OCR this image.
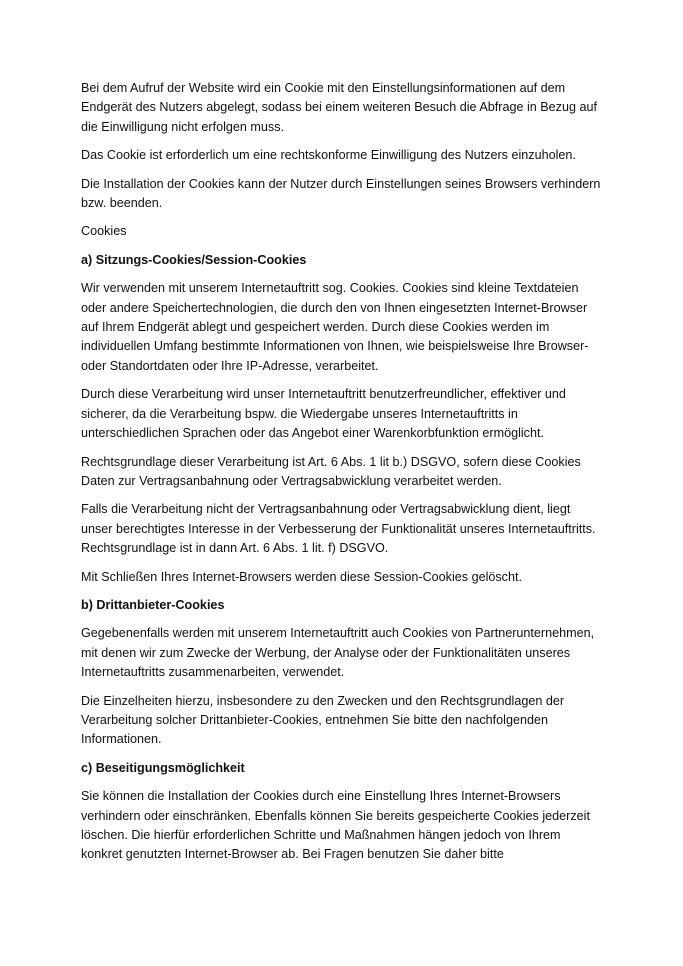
Bei dem Aufruf der Website wird ein Cookie mit den Einstellungsinformationen auf dem Endgerät des Nutzers abgelegt, sodass bei einem weiteren Besuch die Abfrage in Bezug auf die Einwilligung nicht erfolgen muss.

Das Cookie ist erforderlich um eine rechtskonforme Einwilligung des Nutzers einzuholen.

Die Installation der Cookies kann der Nutzer durch Einstellungen seines Browsers verhindern bzw. beenden.

Cookies

a) Sitzungs-Cookies/Session-Cookies

Wir verwenden mit unserem Internetauftritt sog. Cookies. Cookies sind kleine Textdateien oder andere Speichertechnologien, die durch den von Ihnen eingesetzten Internet-Browser auf Ihrem Endgerät ablegt und gespeichert werden. Durch diese Cookies werden im individuellen Umfang bestimmte Informationen von Ihnen, wie beispielsweise Ihre Browser- oder Standortdaten oder Ihre IP-Adresse, verarbeitet.

Durch diese Verarbeitung wird unser Internetauftritt benutzerfreundlicher, effektiver und sicherer, da die Verarbeitung bspw. die Wiedergabe unseres Internetauftritts in unterschiedlichen Sprachen oder das Angebot einer Warenkorbfunktion ermöglicht.

Rechtsgrundlage dieser Verarbeitung ist Art. 6 Abs. 1 lit b.) DSGVO, sofern diese Cookies Daten zur Vertragsanbahnung oder Vertragsabwicklung verarbeitet werden.

Falls die Verarbeitung nicht der Vertragsanbahnung oder Vertragsabwicklung dient, liegt unser berechtigtes Interesse in der Verbesserung der Funktionalität unseres Internetauftritts. Rechtsgrundlage ist in dann Art. 6 Abs. 1 lit. f) DSGVO.

Mit Schließen Ihres Internet-Browsers werden diese Session-Cookies gelöscht.

b) Drittanbieter-Cookies

Gegebenenfalls werden mit unserem Internetauftritt auch Cookies von Partnerunternehmen, mit denen wir zum Zwecke der Werbung, der Analyse oder der Funktionalitäten unseres Internetauftritts zusammenarbeiten, verwendet.

Die Einzelheiten hierzu, insbesondere zu den Zwecken und den Rechtsgrundlagen der Verarbeitung solcher Drittanbieter-Cookies, entnehmen Sie bitte den nachfolgenden Informationen.

c) Beseitigungsmöglichkeit

Sie können die Installation der Cookies durch eine Einstellung Ihres Internet-Browsers verhindern oder einschränken. Ebenfalls können Sie bereits gespeicherte Cookies jederzeit löschen. Die hierfür erforderlichen Schritte und Maßnahmen hängen jedoch von Ihrem konkret genutzten Internet-Browser ab. Bei Fragen benutzen Sie daher bitte
